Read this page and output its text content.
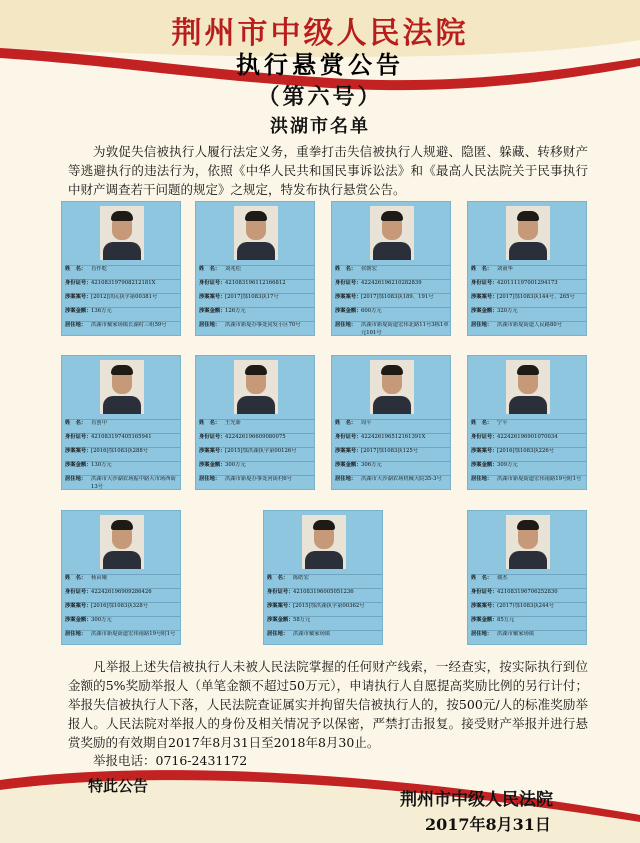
荆州市中级人民法院
执行悬赏公告
（第六号）
洪湖市名单
为敦促失信被执行人履行法定义务，重拳打击失信被执行人规避、隐匿、躲藏、转移财产等逃避执行的违法行为，依照《中华人民共和国民事诉讼法》和《最高人民法院关于民事执行中财产调查若干问题的规定》之规定，特发布执行悬赏公告。
姓　名： 肖作乾
身份证号： 421083197908212181X
涉案案号： [2012]洪民执字第00381号
涉案金额： 136万元
居住地： 洪湖市戴家场镇长湖村三组59号
姓　名： 刘兆松
身份证号： 421083196112166812
涉案案号： [2017]鄂1083执17号
涉案金额： 126万元
居住地： 洪湖市新堤办事处同发小区70号
姓　名： 侯朝宏
身份证号： 422426196210282839
涉案案号： [2017]鄂1083执189、191号
涉案金额： 600万元
居住地： 洪湖市新堤街道宏伟北路11号3栋1单元101号
姓　名： 刘南华
身份证号： 420111197001294173
涉案案号： [2017]鄂1083执144号、265号
涉案金额： 320万元
居住地： 洪湖市新堤街道人民路80号
姓　名： 肖创中
身份证号： 421083197405165941
涉案案号： [2016]鄂1083执288号
涉案金额： 130万元
居住地： 洪湖市大沙湖农场振中路大市场西街13号
姓　名： 王光新
身份证号： 422426196609080075
涉案案号： [2015]鄂洪湖执字第00126号
涉案金额： 300万元
居住地： 洪湖市新堤办事处河街村6号
姓　名： 周平
身份证号： 422426196512161391X
涉案案号： [2017]鄂1083执125号
涉案金额： 306万元
居住地： 洪湖市大沙湖农场机械大院35-3号
姓　名： 宁平
身份证号： 422426196901070034
涉案案号： [2016]鄂1083执226号
涉案金额： 309万元
居住地： 洪湖市新堤街道宏伟南路19号附1号
姓　名： 杨亩娥
身份证号： 422426196909286426
涉案案号： [2016]鄂1083执328号
涉案金额： 300万元
居住地： 洪湖市新堤街道宏伟南路19号附1号
姓　名： 陈皓宏
身份证号： 421083196005051236
涉案案号： [2015]鄂洪湖执字第00362号
涉案金额： 58万元
居住地： 洪湖市戴家场镇
姓　名： 谢杰
身份证号： 421083196706252830
涉案案号： (2017)鄂1083执244号
涉案金额： 85万元
居住地： 洪湖市戴家场镇
凡举报上述失信被执行人未被人民法院掌握的任何财产线索，一经查实，按实际执行到位金额的5%奖励举报人（单笔金额不超过50万元），申请执行人自愿提高奖励比例的另行计付；举报失信被执行人下落，人民法院查证属实并拘留失信被执行人的，按500元/人的标准奖励举报人。人民法院对举报人的身份及相关情况予以保密，严禁打击报复。接受财产举报并进行悬赏奖励的有效期自2017年8月31日至2018年8月30止。
举报电话：0716-2431172
特此公告
荆州市中级人民法院
2017年8月31日
